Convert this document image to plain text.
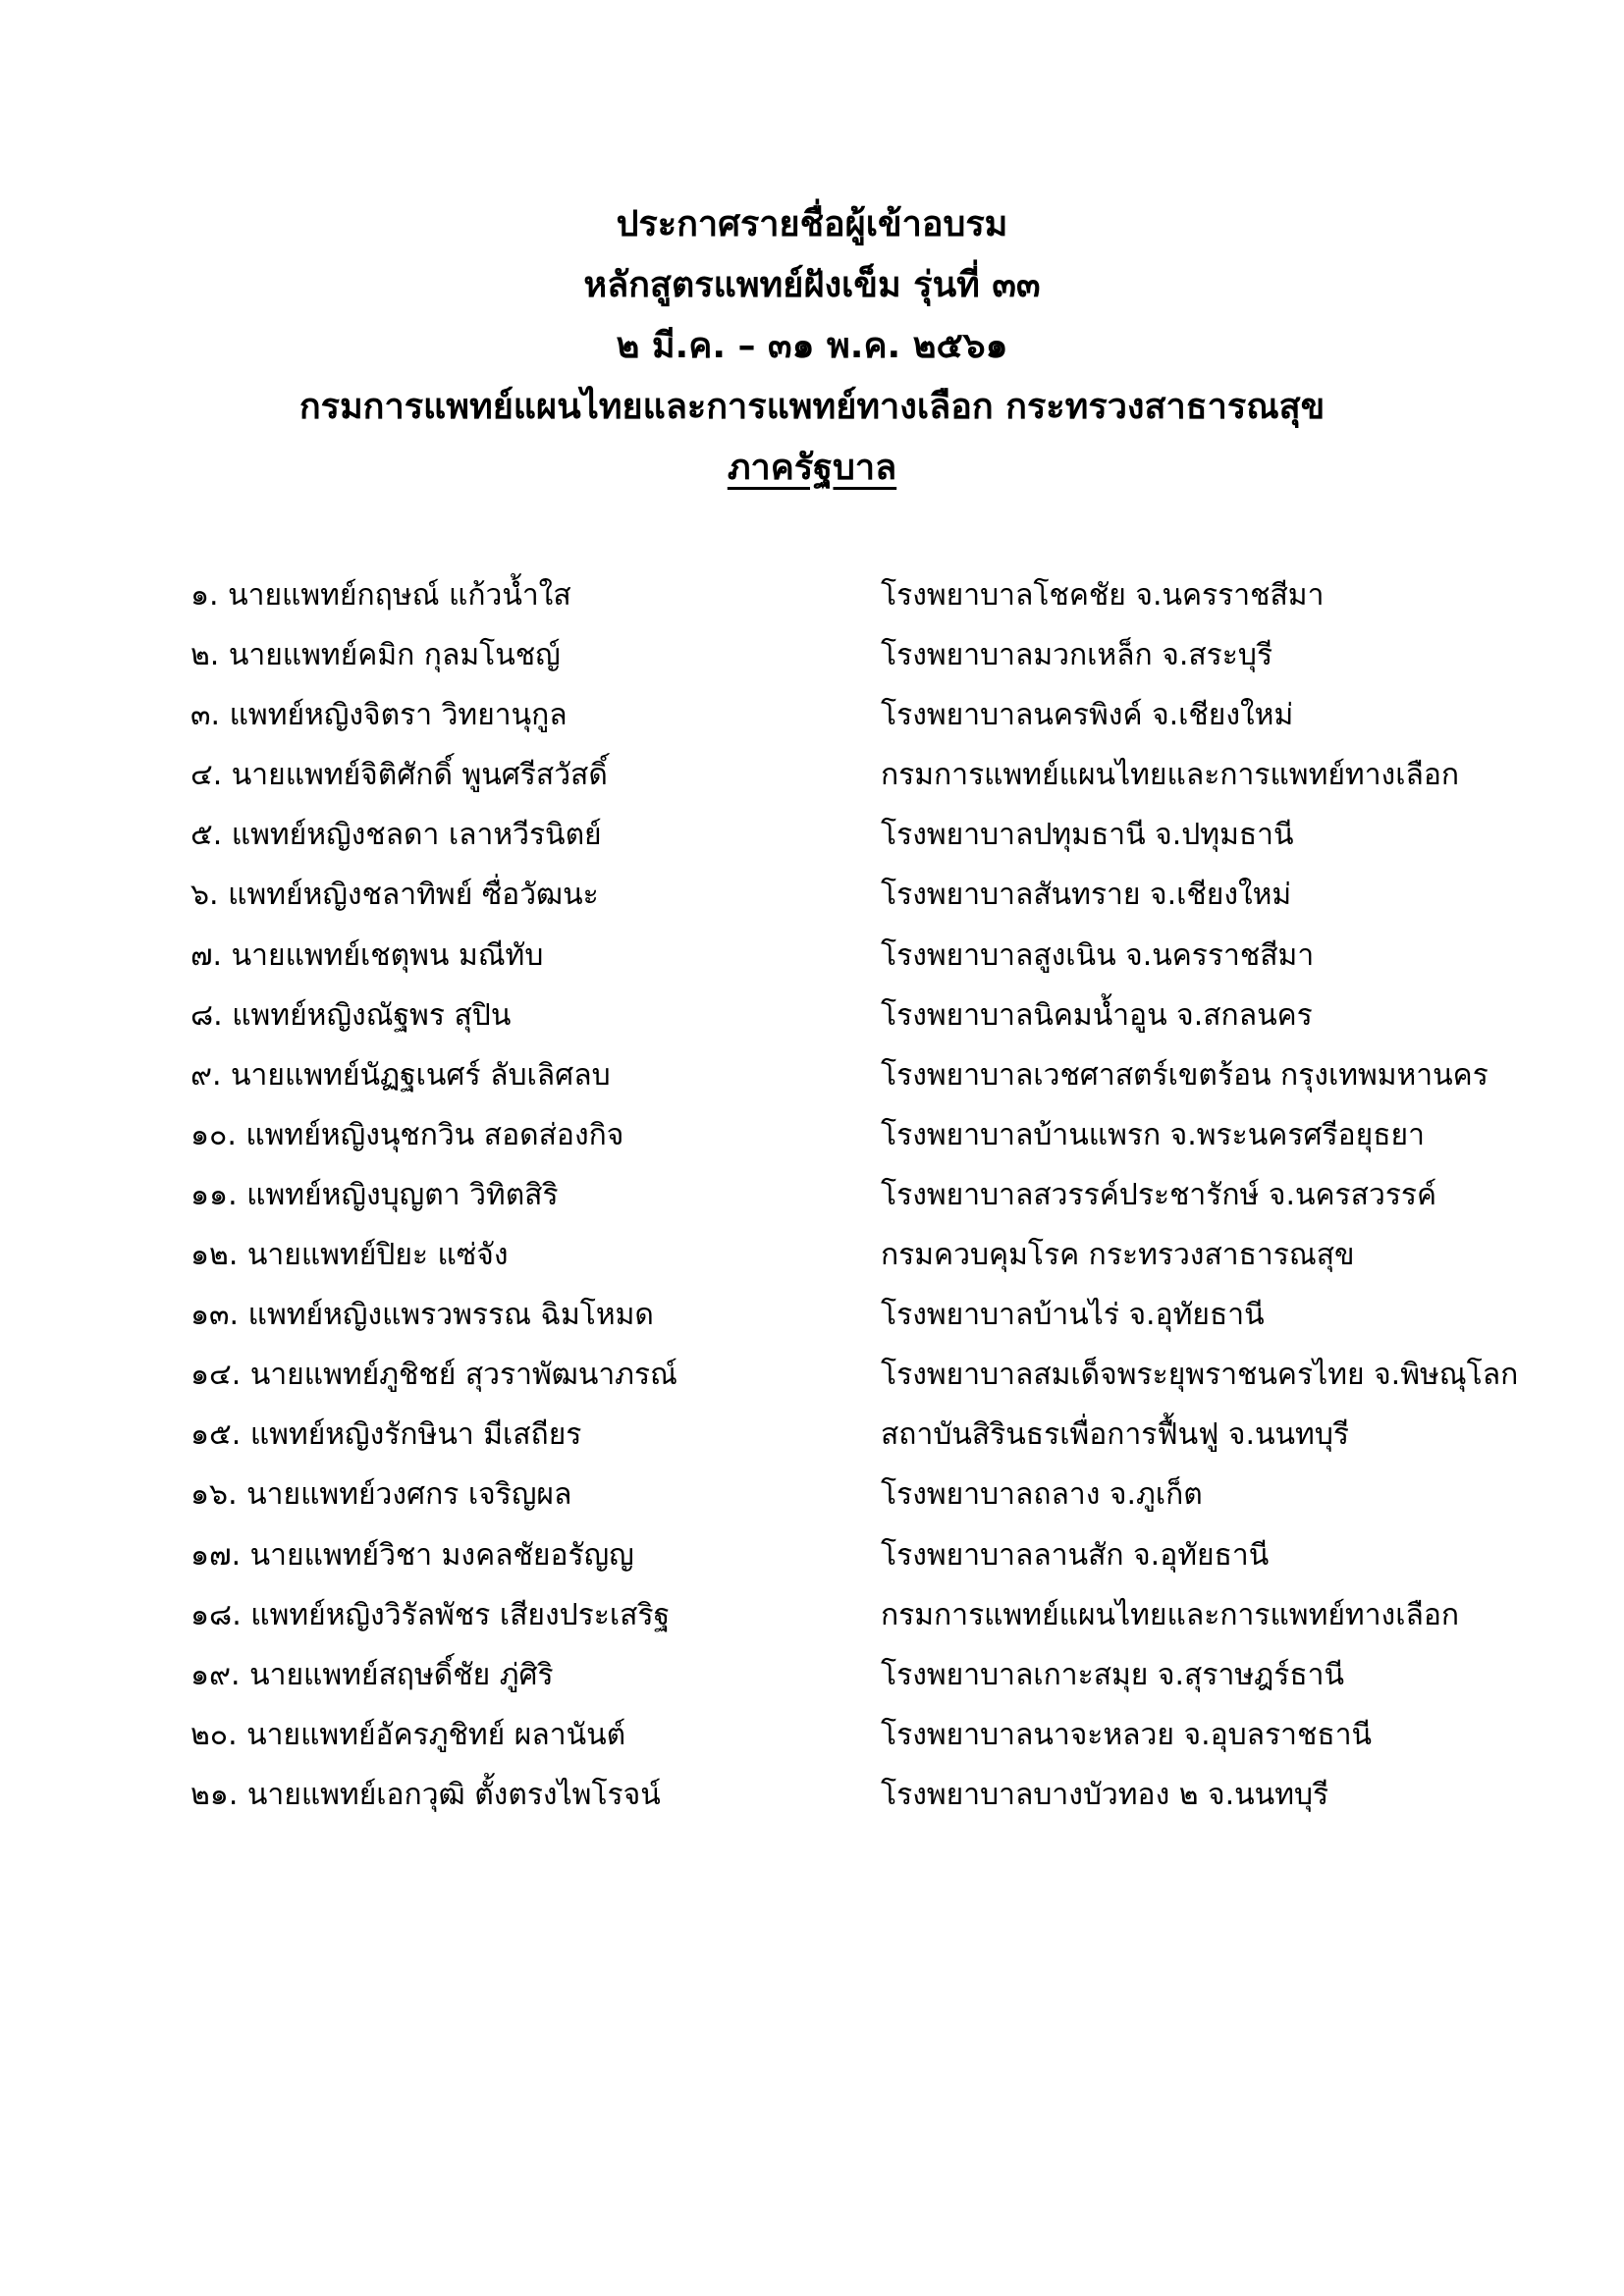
ประกาศรายชื่อผู้เข้าอบรม
หลักสูตรแพทย์ฝังเข็ม รุ่นที่ ๓๓
๒ มี.ค. – ๓๑ พ.ค. ๒๕๖๑
กรมการแพทย์แผนไทยและการแพทย์ทางเลือก กระทรวงสาธารณสุข
ภาครัฐบาล
๑. นายแพทย์กฤษณ์ แก้วน้ำใส	โรงพยาบาลโชคชัย จ.นครราชสีมา
๒. นายแพทย์คมิก กุลมโนชญ์	โรงพยาบาลมวกเหล็ก จ.สระบุรี
๓. แพทย์หญิงจิตรา วิทยานุกูล	โรงพยาบาลนครพิงค์ จ.เชียงใหม่
๔. นายแพทย์จิติศักดิ์ พูนศรีสวัสดิ์	กรมการแพทย์แผนไทยและการแพทย์ทางเลือก
๕. แพทย์หญิงชลดา เลาหวีรนิตย์	โรงพยาบาลปทุมธานี จ.ปทุมธานี
๖. แพทย์หญิงชลาทิพย์ ซื่อวัฒนะ	โรงพยาบาลสันทราย จ.เชียงใหม่
๗. นายแพทย์เชตุพน มณีทับ	โรงพยาบาลสูงเนิน จ.นครราชสีมา
๘. แพทย์หญิงณัฐพร สุปิน	โรงพยาบาลนิคมน้ำอูน จ.สกลนคร
๙. นายแพทย์นัฏฐเนศร์ ลับเลิศลบ	โรงพยาบาลเวชศาสตร์เขตร้อน กรุงเทพมหานคร
๑๐. แพทย์หญิงนุชกวิน สอดส่องกิจ	โรงพยาบาลบ้านแพรก จ.พระนครศรีอยุธยา
๑๑. แพทย์หญิงบุญตา วิทิตสิริ	โรงพยาบาลสวรรค์ประชารักษ์ จ.นครสวรรค์
๑๒. นายแพทย์ปิยะ แซ่จัง	กรมควบคุมโรค กระทรวงสาธารณสุข
๑๓. แพทย์หญิงแพรวพรรณ ฉิมโหมด	โรงพยาบาลบ้านไร่ จ.อุทัยธานี
๑๔. นายแพทย์ภูชิชย์ สุวราพัฒนาภรณ์	โรงพยาบาลสมเด็จพระยุพราชนครไทย จ.พิษณุโลก
๑๕. แพทย์หญิงรักษินา มีเสถียร	สถาบันสิรินธรเพื่อการฟื้นฟู จ.นนทบุรี
๑๖. นายแพทย์วงศกร เจริญผล	โรงพยาบาลถลาง จ.ภูเก็ต
๑๗. นายแพทย์วิชา มงคลชัยอรัญญ	โรงพยาบาลลานสัก จ.อุทัยธานี
๑๘. แพทย์หญิงวิรัลพัชร เสียงประเสริฐ	กรมการแพทย์แผนไทยและการแพทย์ทางเลือก
๑๙. นายแพทย์สฤษดิ์ชัย ภู่ศิริ	โรงพยาบาลเกาะสมุย จ.สุราษฎร์ธานี
๒๐. นายแพทย์อัครภูชิทย์ ผลานันต์	โรงพยาบาลนาจะหลวย จ.อุบลราชธานี
๒๑. นายแพทย์เอกวุฒิ ตั้งตรงไพโรจน์	โรงพยาบาลบางบัวทอง ๒ จ.นนทบุรี
